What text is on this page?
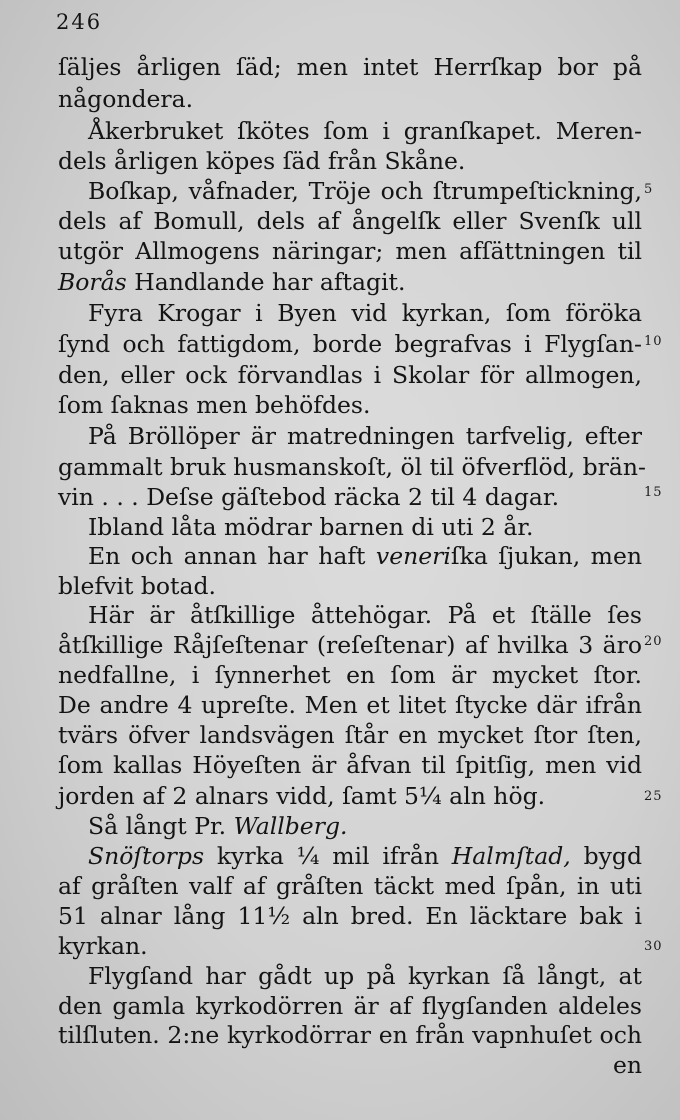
246
ſäljes årligen ſäd; men intet Herrſkap bor på
någondera.
Åkerbruket ſkötes ſom i granſkapet. Meren-
dels årligen köpes ſäd från Skåne.
Boſkap, våfnader, Tröje och ſtrumpeſtickning,
dels af Bomull, dels af ångelſk eller Svenſk ull
utgör Allmogens näringar; men afſättningen til
Borås Handlande har aftagit.
Fyra Krogar i Byen vid kyrkan, ſom föröka
ſynd och fattigdom, borde begrafvas i Flygſan-
den, eller ock förvandlas i Skolar för allmogen,
ſom ſaknas men behöfdes.
På Bröllöper är matredningen tarfvelig, efter
gammalt bruk husmanskoſt, öl til öfverflöd, brän-
vin . . . Deſse gäſtebod räcka 2 til 4 dagar.
Ibland låta mödrar barnen di uti 2 år.
En och annan har haft veneriſka ſjukan, men
blefvit botad.
Här är åtſkillige åttehögar. På et ſtälle ſes
åtſkillige Råjſeſtenar (reſeſtenar) af hvilka 3 äro
nedfallne, i ſynnerhet en ſom är mycket ſtor.
De andre 4 upreſte. Men et litet ſtycke där ifrån
tvärs öfver landsvägen ſtår en mycket ſtor ſten,
ſom kallas Höyeſten är åfvan til ſpitſig, men vid
jorden af 2 alnars vidd, ſamt 5¼ aln hög.
Så långt Pr. Wallberg.
Snöſtorps kyrka ¼ mil ifrån Halmſtad, bygd
af gråſten valf af gråſten täckt med ſpån, in uti
51 alnar lång 11½ aln bred. En läcktare bak i
kyrkan.
Flygſand har gådt up på kyrkan ſå långt, at
den gamla kyrkodörren är af flygſanden aldeles
tilſluten. 2:ne kyrkodörrar en från vapnhuſet och
en
5
10
15
20
25
30
